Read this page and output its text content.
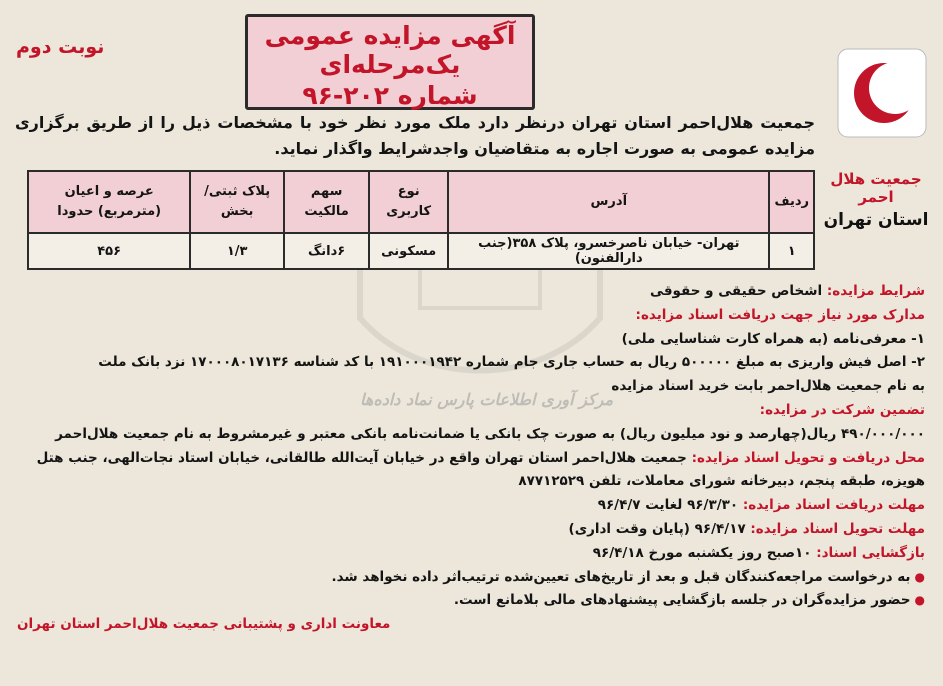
نوبت دوم	آگهی مزایده عمومی یک‌مرحله‌ای
شماره ۲۰۲-۹۶
جمعیت هلال احمر
استان تهران
جمعیت هلال‌احمر استان تهران درنظر دارد ملک مورد نظر خود با مشخصات ذیل را از طریق برگزاری مزایده عمومی به صورت اجاره به متقاضیان واجدشرایط واگذار نماید.
مرکز آوری اطلاعات پارس نماد داده‌ها
ردیف	آدرس	نوع کاربری	سهم مالکیت	پلاک ثبتی/بخش	عرصه و اعیان (مترمربع) حدودا
۱	تهران- خیابان ناصرخسرو، پلاک ۳۵۸(جنب دارالفنون)	مسکونی	۶دانگ	۱/۳	۴۵۶
شرایط مزایده: اشخاص حقیقی و حقوقی
مدارک مورد نیاز جهت دریافت اسناد مزایده:
۱- معرفی‌نامه (به همراه کارت شناسایی ملی)
۲- اصل فیش واریزی به مبلغ ۵۰۰۰۰۰ ریال به حساب جاری جام شماره ۱۹۱۰۰۰۱۹۴۲ با کد شناسه ۱۷۰۰۰۸۰۱۷۱۳۶ نزد بانک ملت
به نام جمعیت هلال‌احمر بابت خرید اسناد مزایده
تضمین شرکت در مزایده:
۴۹۰/۰۰۰/۰۰۰ ریال(چهارصد و نود میلیون ریال) به صورت چک بانکی یا ضمانت‌نامه بانکی معتبر و غیرمشروط به نام جمعیت هلال‌احمر
محل دریافت و تحویل اسناد مزایده: جمعیت هلال‌احمر استان تهران واقع در خیابان آیت‌الله طالقانی، خیابان استاد نجات‌الهی، جنب هتل
هویزه، طبقه پنجم، دبیرخانه شورای معاملات، تلفن ۸۷۷۱۲۵۲۹
مهلت دریافت اسناد مزایده: ۹۶/۳/۳۰ لغایت ۹۶/۴/۷
مهلت تحویل اسناد مزایده: ۹۶/۴/۱۷ (پایان وقت اداری)
بازگشایی اسناد: ۱۰صبح روز یکشنبه مورخ ۹۶/۴/۱۸
●به درخواست مراجعه‌کنندگان قبل و بعد از تاریخ‌های تعیین‌شده ترتیب‌اثر داده نخواهد شد.
●حضور مزایده‌گران در جلسه بازگشایی پیشنهادهای مالی بلامانع است.
معاونت اداری و پشتیبانی جمعیت هلال‌احمر استان تهران
